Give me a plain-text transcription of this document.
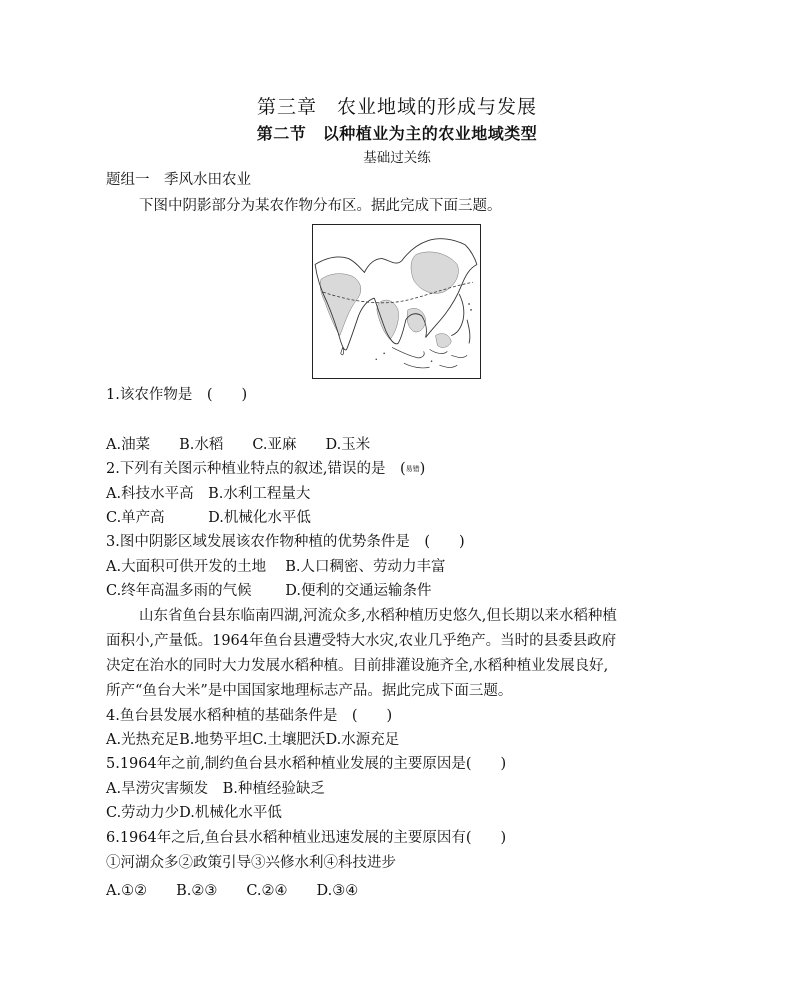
第三章　农业地域的形成与发展
第二节　以种植业为主的农业地域类型
基础过关练
题组一　季风水田农业
下图中阴影部分为某农作物分布区。据此完成下面三题。
1.该农作物是　(　　)
A.油菜　　B.水稻　　C.亚麻　　D.玉米
2.下列有关图示种植业特点的叙述,错误的是　(易错)
A.科技水平高　B.水利工程量大
C.单产高　　　D.机械化水平低
3.图中阴影区域发展该农作物种植的优势条件是　(　　)
A.大面积可供开发的土地　 B.人口稠密、劳动力丰富
C.终年高温多雨的气候　　 D.便利的交通运输条件
山东省鱼台县东临南四湖,河流众多,水稻种植历史悠久,但长期以来水稻种植
面积小,产量低。1964年鱼台县遭受特大水灾,农业几乎绝产。当时的县委县政府
决定在治水的同时大力发展水稻种植。目前排灌设施齐全,水稻种植业发展良好,
所产“鱼台大米”是中国国家地理标志产品。据此完成下面三题。
4.鱼台县发展水稻种植的基础条件是　(　　)
A.光热充足B.地势平坦C.土壤肥沃D.水源充足
5.1964年之前,制约鱼台县水稻种植业发展的主要原因是(　　)
A.旱涝灾害频发　B.种植经验缺乏
C.劳动力少D.机械化水平低
6.1964年之后,鱼台县水稻种植业迅速发展的主要原因有(　　)
①河湖众多②政策引导③兴修水利④科技进步
A.①②　　B.②③　　C.②④　　D.③④
